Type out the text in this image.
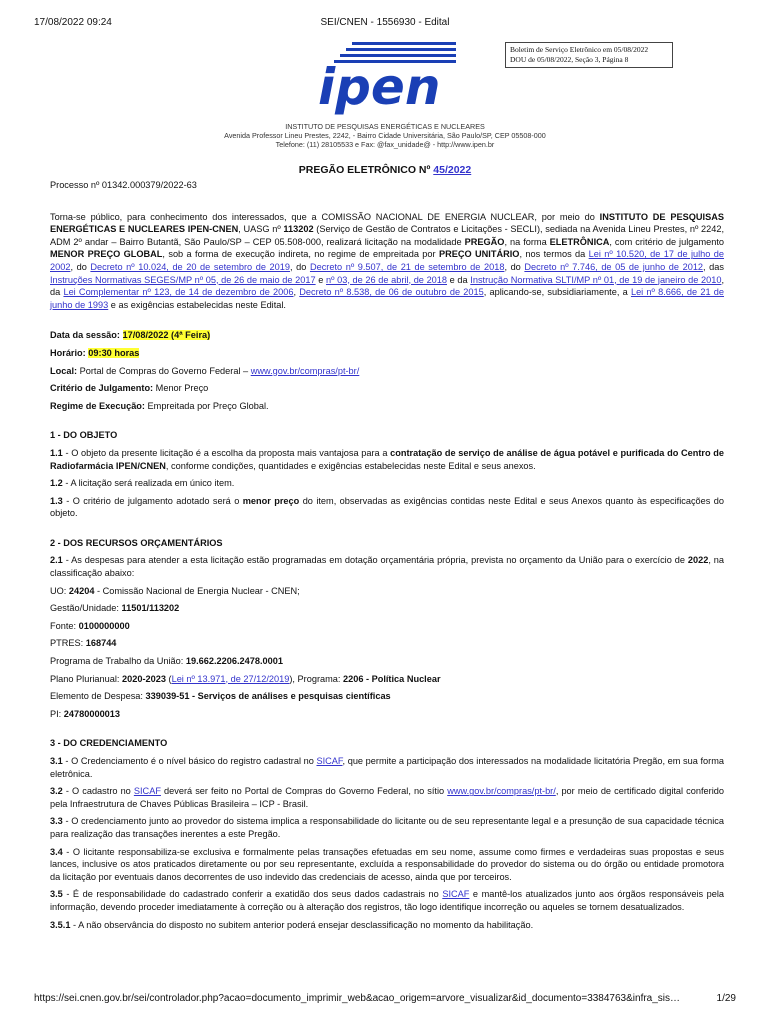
17/08/2022 09:24	SEI/CNEN - 1556930 - Edital
ipen
Boletim de Serviço Eletrônico em 05/08/2022
DOU de 05/08/2022, Seção 3, Página 8
INSTITUTO DE PESQUISAS ENERGÉTICAS E NUCLEARES
Avenida Professor Lineu Prestes, 2242, - Bairro Cidade Universitária, São Paulo/SP, CEP 05508-000
Telefone: (11) 28105533 e Fax: @fax_unidade@ - http://www.ipen.br
PREGÃO ELETRÔNICO Nº 45/2022

Processo nº 01342.000379/2022-63

Torna-se público, para conhecimento dos interessados, que a COMISSÃO NACIONAL DE ENERGIA NUCLEAR, por meio do INSTITUTO DE PESQUISAS ENERGÉTICAS E NUCLEARES IPEN-CNEN, UASG nº 113202 (Serviço de Gestão de Contratos e Licitações - SECLI), sediada na Avenida Lineu Prestes, nº 2242, ADM 2º andar – Bairro Butantã, São Paulo/SP – CEP 05.508-000, realizará licitação na modalidade PREGÃO, na forma ELETRÔNICA, com critério de julgamento MENOR PREÇO GLOBAL, sob a forma de execução indireta, no regime de empreitada por PREÇO UNITÁRIO, nos termos da Lei nº 10.520, de 17 de julho de 2002, do Decreto nº 10.024, de 20 de setembro de 2019, do Decreto nº 9.507, de 21 de setembro de 2018, do Decreto nº 7.746, de 05 de junho de 2012, das Instruções Normativas SEGES/MP nº 05, de 26 de maio de 2017 e nº 03, de 26 de abril, de 2018 e da Instrução Normativa SLTI/MP nº 01, de 19 de janeiro de 2010, da Lei Complementar nº 123, de 14 de dezembro de 2006, Decreto nº 8.538, de 06 de outubro de 2015, aplicando-se, subsidiariamente, a Lei nº 8.666, de 21 de junho de 1993 e as exigências estabelecidas neste Edital.

Data da sessão: 17/08/2022 (4ª Feira)

Horário: 09:30 horas

Local: Portal de Compras do Governo Federal – www.gov.br/compras/pt-br/

Critério de Julgamento: Menor Preço

Regime de Execução: Empreitada por Preço Global.

1 - DO OBJETO

1.1 - O objeto da presente licitação é a escolha da proposta mais vantajosa para a contratação de serviço de análise de água potável e purificada do Centro de Radiofarmácia IPEN/CNEN, conforme condições, quantidades e exigências estabelecidas neste Edital e seus anexos.

1.2 - A licitação será realizada em único item.

1.3 - O critério de julgamento adotado será o menor preço do item, observadas as exigências contidas neste Edital e seus Anexos quanto às especificações do objeto.

2 - DOS RECURSOS ORÇAMENTÁRIOS

2.1 - As despesas para atender a esta licitação estão programadas em dotação orçamentária própria, prevista no orçamento da União para o exercício de 2022, na classificação abaixo:

UO: 24204 - Comissão Nacional de Energia Nuclear - CNEN;

Gestão/Unidade: 11501/113202

Fonte: 0100000000

PTRES: 168744

Programa de Trabalho da União: 19.662.2206.2478.0001

Plano Plurianual: 2020-2023 (Lei nº 13.971, de 27/12/2019), Programa: 2206 - Política Nuclear

Elemento de Despesa: 339039-51 - Serviços de análises e pesquisas científicas

PI: 24780000013

3 - DO CREDENCIAMENTO

3.1 - O Credenciamento é o nível básico do registro cadastral no SICAF, que permite a participação dos interessados na modalidade licitatória Pregão, em sua forma eletrônica.

3.2 - O cadastro no SICAF deverá ser feito no Portal de Compras do Governo Federal, no sítio www.gov.br/compras/pt-br/, por meio de certificado digital conferido pela Infraestrutura de Chaves Públicas Brasileira – ICP - Brasil.

3.3 - O credenciamento junto ao provedor do sistema implica a responsabilidade do licitante ou de seu representante legal e a presunção de sua capacidade técnica para realização das transações inerentes a este Pregão.

3.4 - O licitante responsabiliza-se exclusiva e formalmente pelas transações efetuadas em seu nome, assume como firmes e verdadeiras suas propostas e seus lances, inclusive os atos praticados diretamente ou por seu representante, excluída a responsabilidade do provedor do sistema ou do órgão ou entidade promotora da licitação por eventuais danos decorrentes de uso indevido das credenciais de acesso, ainda que por terceiros.

3.5 - É de responsabilidade do cadastrado conferir a exatidão dos seus dados cadastrais no SICAF e mantê-los atualizados junto aos órgãos responsáveis pela informação, devendo proceder imediatamente à correção ou à alteração dos registros, tão logo identifique incorreção ou aqueles se tornem desatualizados.

3.5.1 - A não observância do disposto no subitem anterior poderá ensejar desclassificação no momento da habilitação.

https://sei.cnen.gov.br/sei/controlador.php?acao=documento_imprimir_web&acao_origem=arvore_visualizar&id_documento=3384763&infra_sis…	1/29
